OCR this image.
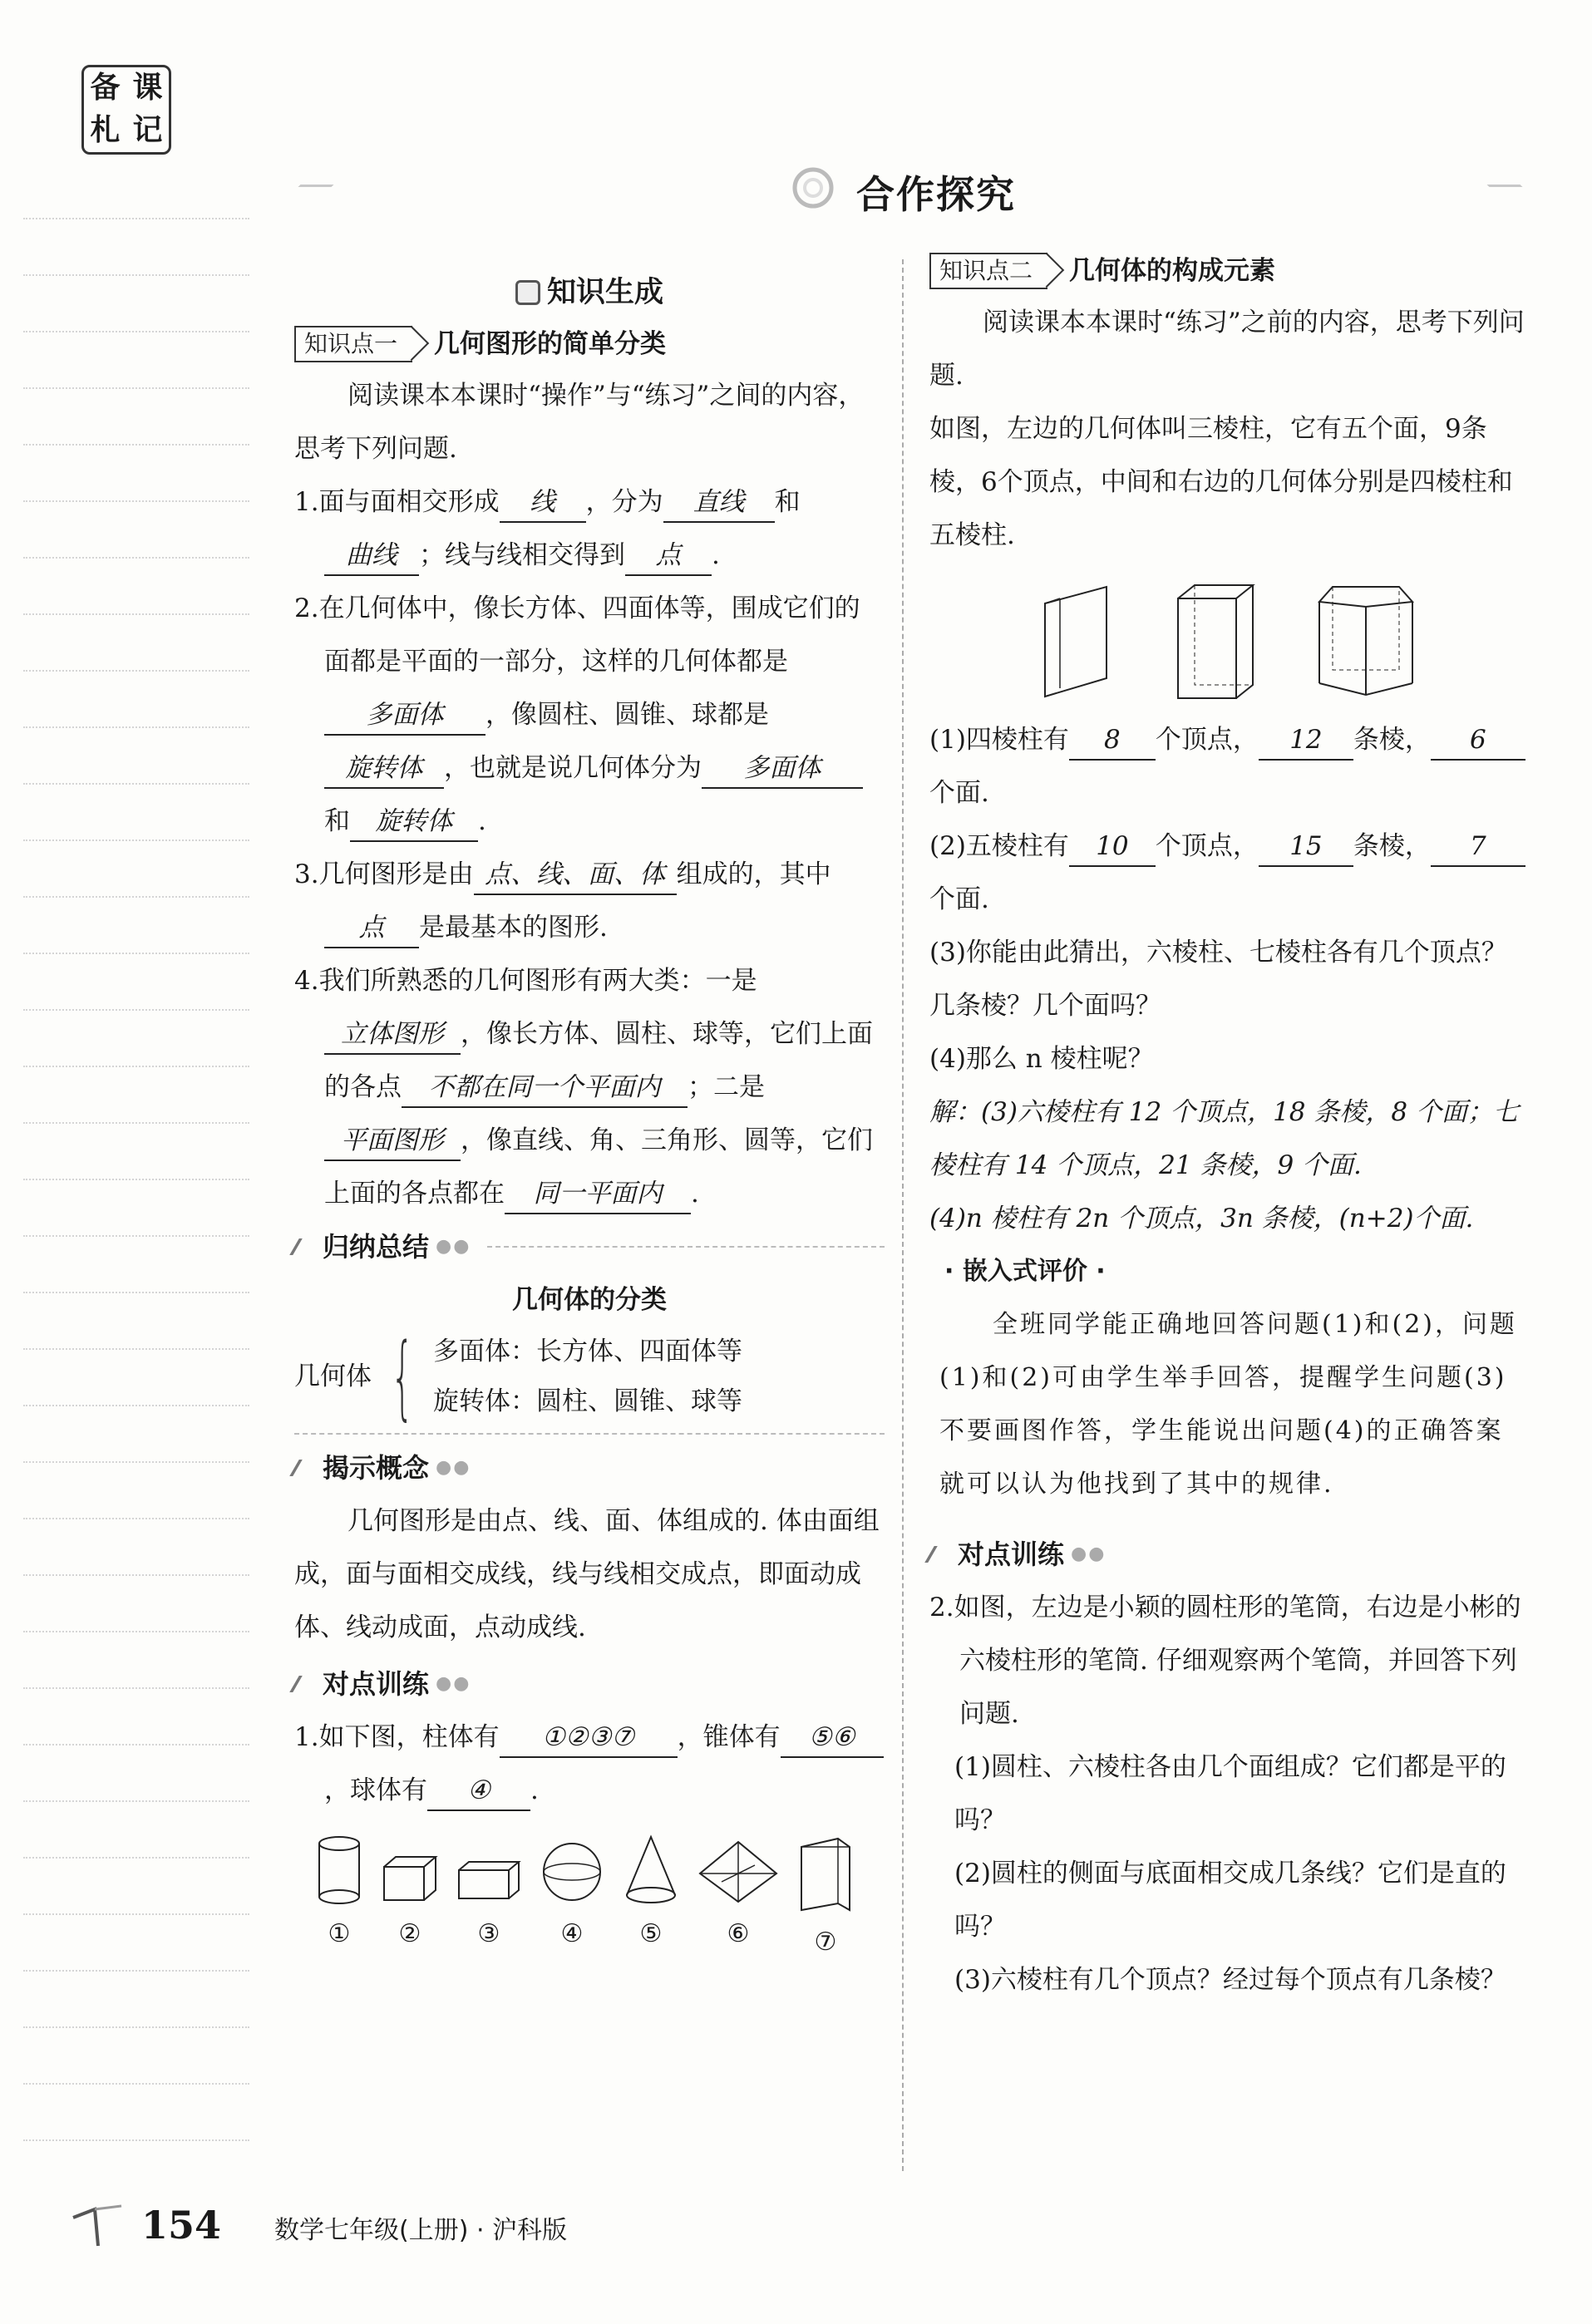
备 课
札 记
合作探究
知识生成
知识点一	几何图形的简单分类
阅读课本本课时“操作”与“练习”之间的内容，思考下列问题.
1.面与面相交形成 线 ，分为 直线 和曲线 ；线与线相交得到 点 .
2.在几何体中，像长方体、四面体等，围成它们的面都是平面的一部分，这样的几何体都是多面体 ，像圆柱、圆锥、球都是旋转体 ，也就是说几何体分为 多面体和 旋转体 .
3.几何图形是由 点、线、面、体 组成的，其中点 是最基本的图形.
4.我们所熟悉的几何图形有两大类：一是立体图形 ，像长方体、圆柱、球等，它们上面的各点 不都在同一个平面内 ；二是平面图形 ，像直线、角、三角形、圆等，它们上面的各点都在 同一平面内 .
归纳总结 ●●
几何体的分类
几何体 { 多面体：长方体、四面体等
旋转体：圆柱、圆锥、球等
揭示概念 ●●
几何图形是由点、线、面、体组成的. 体由面组成，面与面相交成线，线与线相交成点，即面动成体、线动成面，点动成线.
对点训练 ●●
1.如下图，柱体有 ①②③⑦ ，锥体有 ⑤⑥，球体有 ④ .
①	②	③	④	⑤	⑥	⑦
知识点二	几何体的构成元素
阅读课本本课时“练习”之前的内容，思考下列问题.
如图，左边的几何体叫三棱柱，它有五个面，9条棱，6个顶点，中间和右边的几何体分别是四棱柱和五棱柱.
(1)四棱柱有 8 个顶点， 12 条棱， 6个面.
(2)五棱柱有 10 个顶点， 15 条棱， 7个面.
(3)你能由此猜出，六棱柱、七棱柱各有几个顶点？几条棱？几个面吗？
(4)那么 n 棱柱呢？
解：(3)六棱柱有 12 个顶点，18 条棱，8 个面；七棱柱有 14 个顶点，21 条棱，9 个面.
(4)n 棱柱有 2n 个顶点，3n 条棱，(n+2)个面.
· 嵌入式评价 ·
全班同学能正确地回答问题(1)和(2)，问题(1)和(2)可由学生举手回答，提醒学生问题(3)不要画图作答，学生能说出问题(4)的正确答案就可以认为他找到了其中的规律.
对点训练 ●●
2.如图，左边是小颖的圆柱形的笔筒，右边是小彬的六棱柱形的笔筒. 仔细观察两个笔筒，并回答下列问题.
(1)圆柱、六棱柱各由几个面组成？它们都是平的吗？
(2)圆柱的侧面与底面相交成几条线？它们是直的吗？
(3)六棱柱有几个顶点？经过每个顶点有几条棱？
154 数学七年级(上册) · 沪科版
